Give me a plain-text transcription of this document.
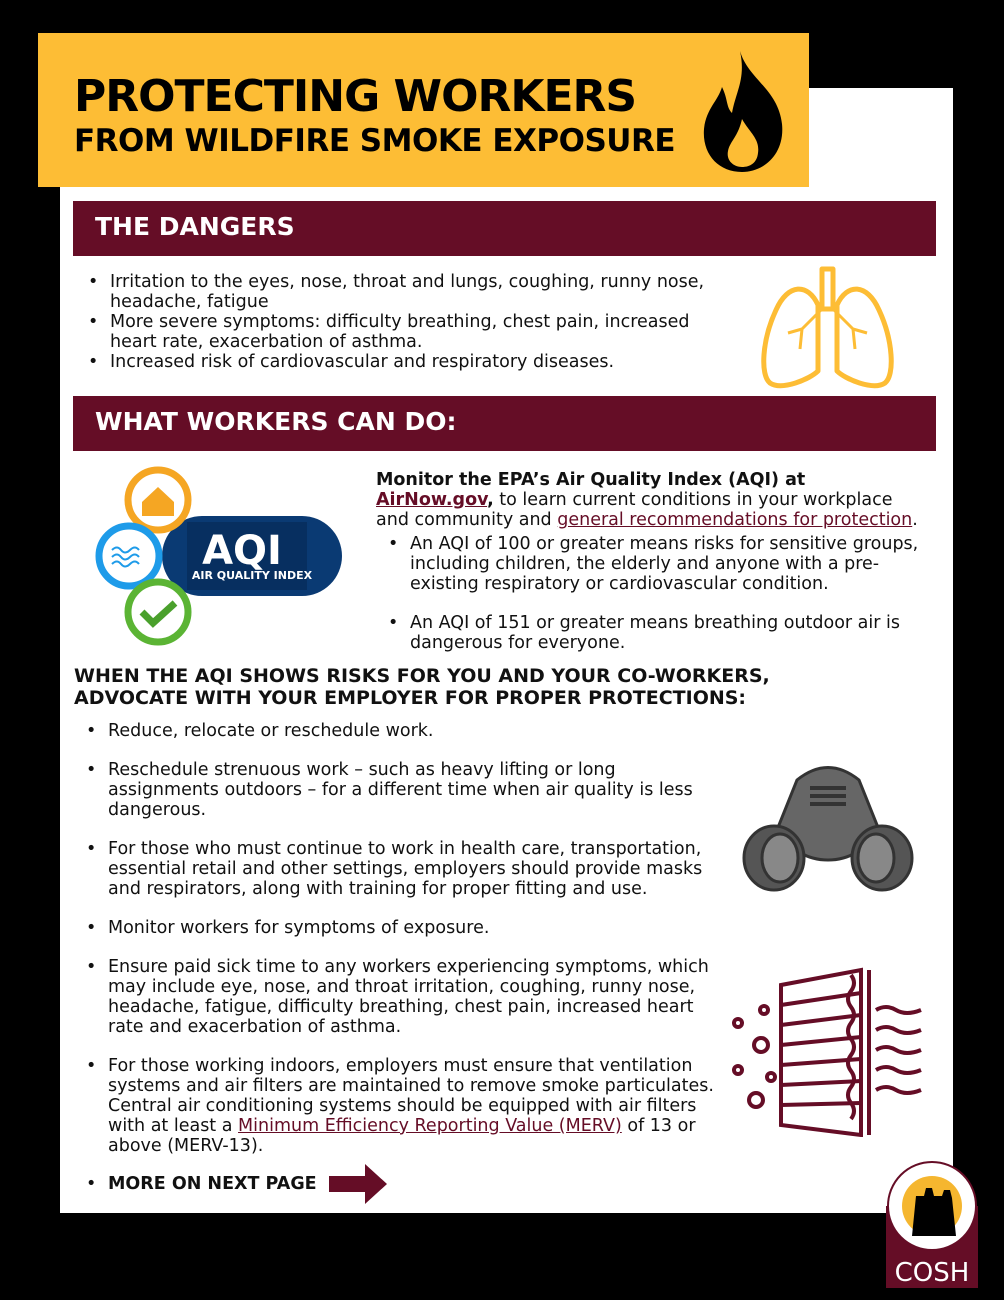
PROTECTING WORKERS
FROM WILDFIRE SMOKE EXPOSURE
THE DANGERS
• Irritation to the eyes, nose, throat and lungs, coughing, runny nose, headache, fatigue
• More severe symptoms: difficulty breathing, chest pain, increased heart rate, exacerbation of asthma.
• Increased risk of cardiovascular and respiratory diseases.
WHAT WORKERS CAN DO:
AQI
AIR QUALITY INDEX
Monitor the EPA’s Air Quality Index (AQI) at AirNow.gov, to learn current conditions in your workplace and community and general recommendations for protection.
• An AQI of 100 or greater means risks for sensitive groups, including children, the elderly and anyone with a pre-existing respiratory or cardiovascular condition.
• An AQI of 151 or greater means breathing outdoor air is dangerous for everyone.
WHEN THE AQI SHOWS RISKS FOR YOU AND YOUR CO-WORKERS,
ADVOCATE WITH YOUR EMPLOYER FOR PROPER PROTECTIONS:
• Reduce, relocate or reschedule work.
• Reschedule strenuous work – such as heavy lifting or long assignments outdoors – for a different time when air quality is less dangerous.
• For those who must continue to work in health care, transportation, essential retail and other settings, employers should provide masks and respirators, along with training for proper fitting and use.
• Monitor workers for symptoms of exposure.
• Ensure paid sick time to any workers experiencing symptoms, which may include eye, nose, and throat irritation, coughing, runny nose, headache, fatigue, difficulty breathing, chest pain, increased heart rate and exacerbation of asthma.
• For those working indoors, employers must ensure that ventilation systems and air filters are maintained to remove smoke particulates. Central air conditioning systems should be equipped with air filters with at least a Minimum Efficiency Reporting Value (MERV) of 13 or above (MERV-13).
• MORE ON NEXT PAGE
COSH
